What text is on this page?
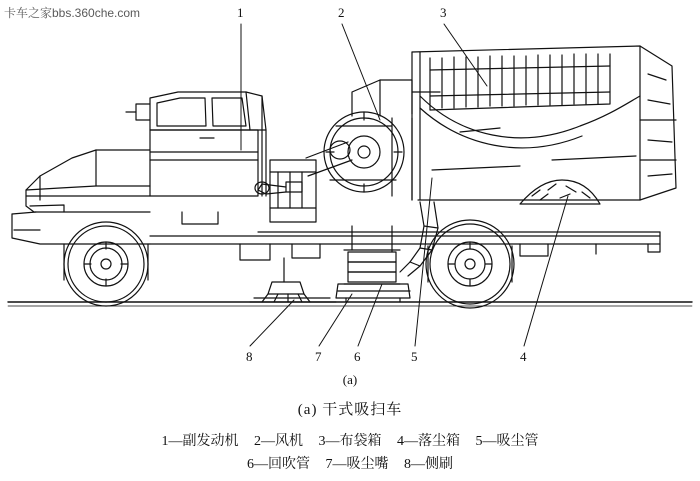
卡车之家bbs.360che.com	1	2	3
4
5
6
7
8
(a)
(a) 干式吸扫车
1—副发动机 2—风机 3—布袋箱 4—落尘箱 5—吸尘管
6—回吹管 7—吸尘嘴 8—侧刷
